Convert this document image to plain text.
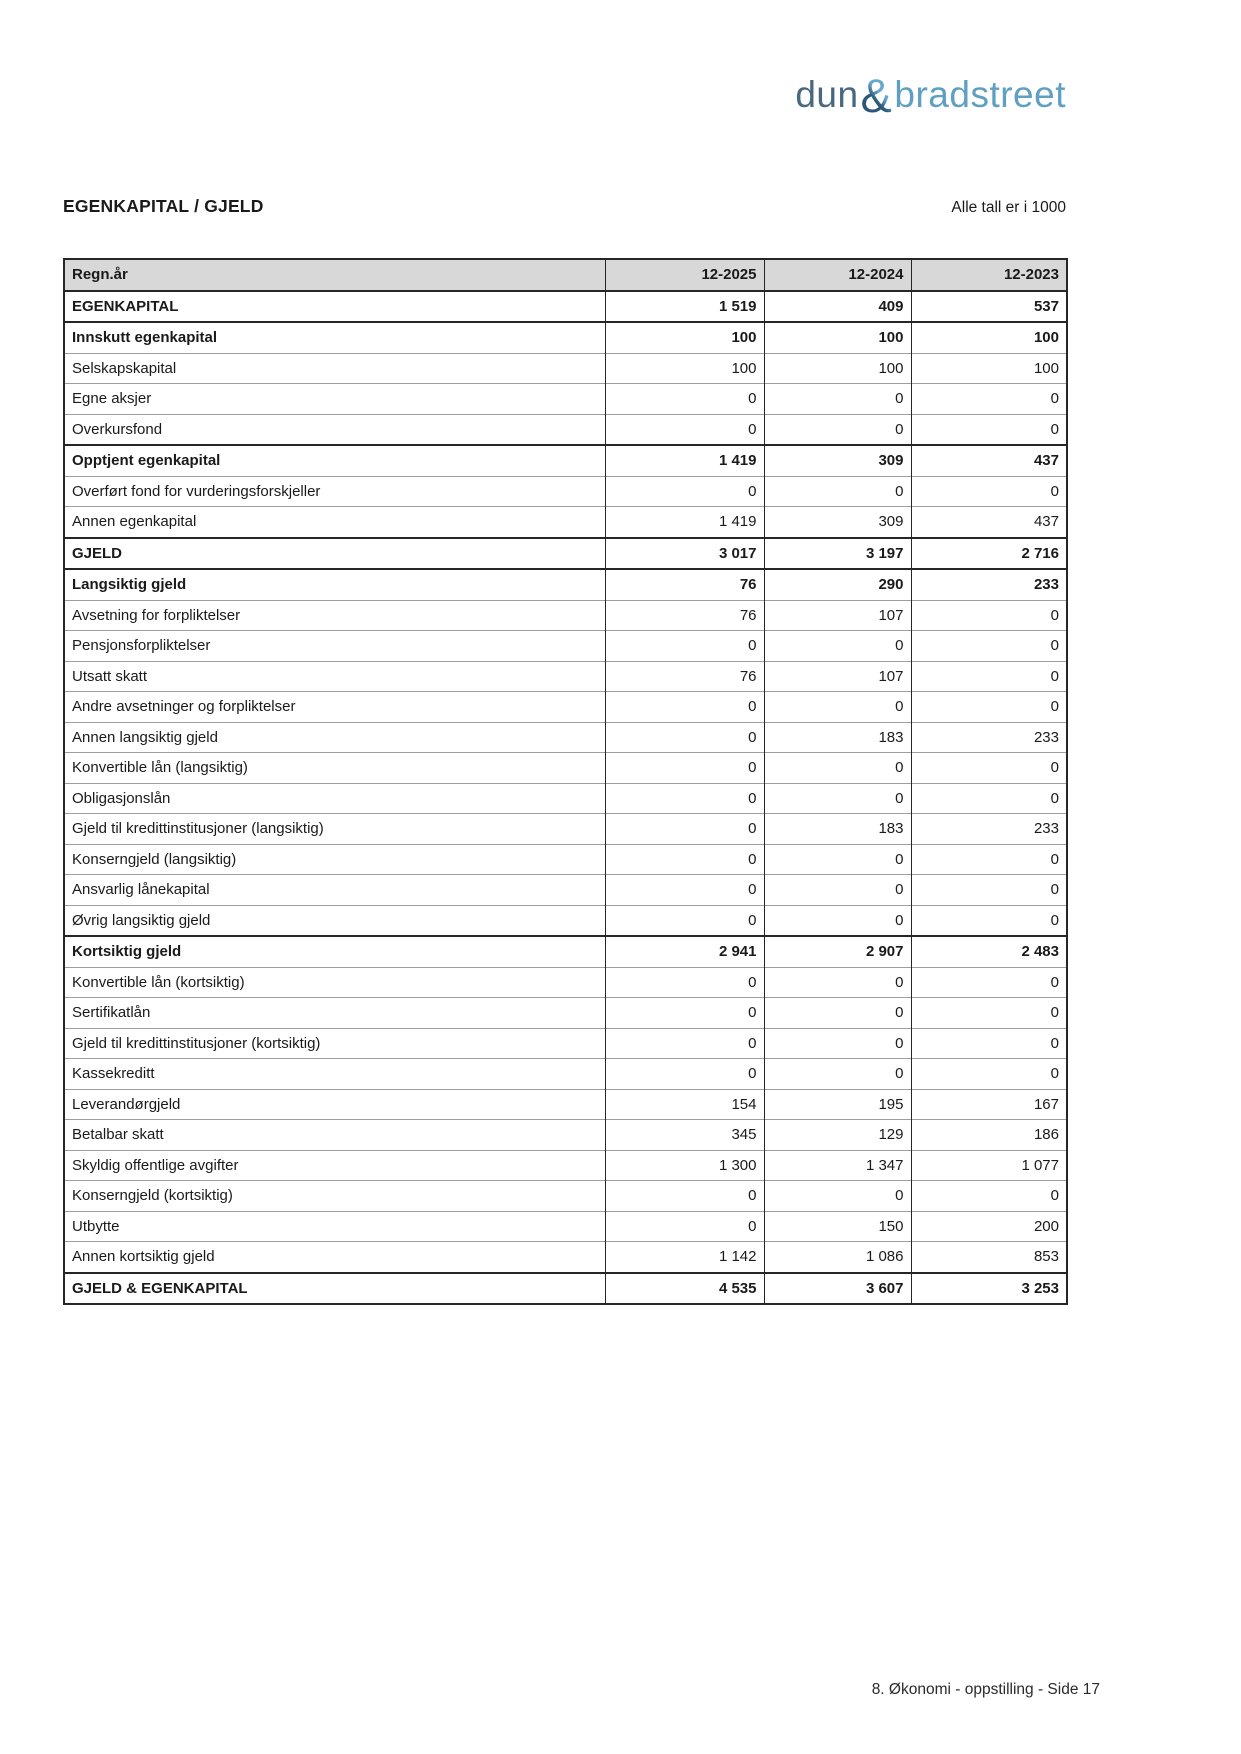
dun&bradstreet
EGENKAPITAL / GJELD	Alle tall er i 1000
Regn.år	12-2025	12-2024	12-2023
EGENKAPITAL	1 519	409	537
Innskutt egenkapital	100	100	100
Selskapskapital	100	100	100
Egne aksjer	0	0	0
Overkursfond	0	0	0
Opptjent egenkapital	1 419	309	437
Overført fond for vurderingsforskjeller	0	0	0
Annen egenkapital	1 419	309	437
GJELD	3 017	3 197	2 716
Langsiktig gjeld	76	290	233
Avsetning for forpliktelser	76	107	0
Pensjonsforpliktelser	0	0	0
Utsatt skatt	76	107	0
Andre avsetninger og forpliktelser	0	0	0
Annen langsiktig gjeld	0	183	233
Konvertible lån (langsiktig)	0	0	0
Obligasjonslån	0	0	0
Gjeld til kredittinstitusjoner (langsiktig)	0	183	233
Konserngjeld (langsiktig)	0	0	0
Ansvarlig lånekapital	0	0	0
Øvrig langsiktig gjeld	0	0	0
Kortsiktig gjeld	2 941	2 907	2 483
Konvertible lån (kortsiktig)	0	0	0
Sertifikatlån	0	0	0
Gjeld til kredittinstitusjoner (kortsiktig)	0	0	0
Kassekreditt	0	0	0
Leverandørgjeld	154	195	167
Betalbar skatt	345	129	186
Skyldig offentlige avgifter	1 300	1 347	1 077
Konserngjeld (kortsiktig)	0	0	0
Utbytte	0	150	200
Annen kortsiktig gjeld	1 142	1 086	853
GJELD & EGENKAPITAL	4 535	3 607	3 253
8. Økonomi - oppstilling - Side 17
